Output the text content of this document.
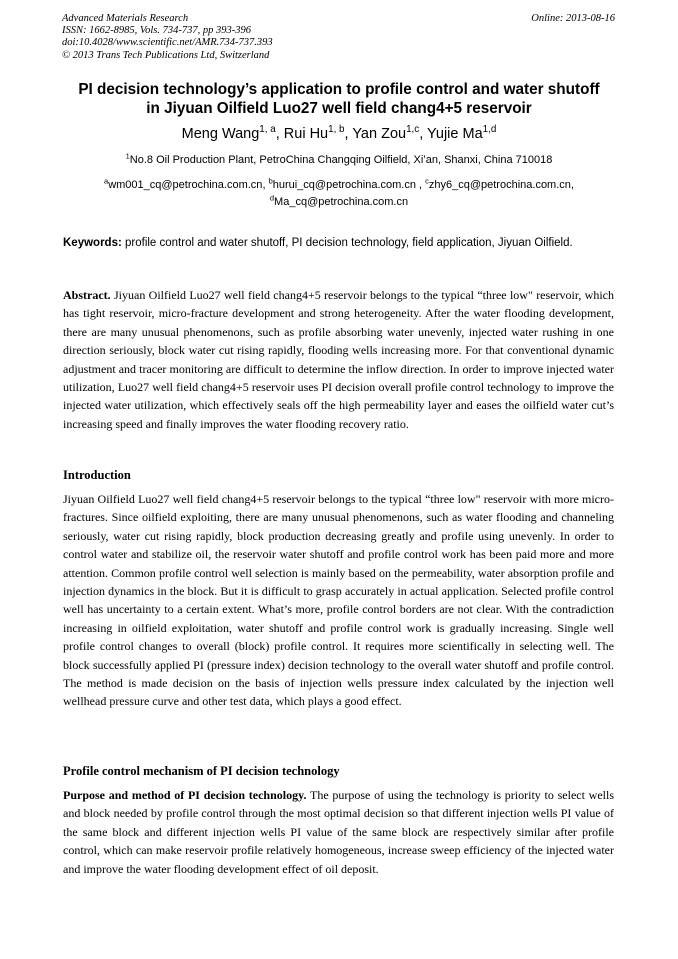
Advanced Materials Research
ISSN: 1662-8985, Vols. 734-737, pp 393-396
doi:10.4028/www.scientific.net/AMR.734-737.393
© 2013 Trans Tech Publications Ltd, Switzerland
Online: 2013-08-16
PI decision technology’s application to profile control and water shutoff
in Jiyuan Oilfield Luo27 well field chang4+5 reservoir
Meng Wang$^{1, a}$, Rui Hu$^{1, b}$, Yan Zou$^{1,c}$, Yujie Ma$^{1,d}$
$^1$No.8 Oil Production Plant, PetroChina Changqing Oilfield, Xi’an, Shanxi, China 710018
$^a$wm001_cq@petrochina.com.cn, $^b$hurui_cq@petrochina.com.cn , $^c$zhy6_cq@petrochina.com.cn,
$^d$Ma_cq@petrochina.com.cn
Keywords: profile control and water shutoff, PI decision technology, field application, Jiyuan Oilfield.
Abstract. Jiyuan Oilfield Luo27 well field chang4+5 reservoir belongs to the typical “three low" reservoir, which has tight reservoir, micro-fracture development and strong heterogeneity. After the water flooding development, there are many unusual phenomenons, such as profile absorbing water unevenly, injected water rushing in one direction seriously, block water cut rising rapidly, flooding wells increasing more. For that conventional dynamic adjustment and tracer monitoring are difficult to determine the inflow direction. In order to improve injected water utilization, Luo27 well field chang4+5 reservoir uses PI decision overall profile control technology to improve the injected water utilization, which effectively seals off the high permeability layer and eases the oilfield water cut’s increasing speed and finally improves the water flooding recovery ratio.
Introduction
Jiyuan Oilfield Luo27 well field chang4+5 reservoir belongs to the typical “three low" reservoir with more micro-fractures. Since oilfield exploiting, there are many unusual phenomenons, such as water flooding and channeling seriously, water cut rising rapidly, block production decreasing greatly and profile using unevenly. In order to control water and stabilize oil, the reservoir water shutoff and profile control work has been paid more and more attention. Common profile control well selection is mainly based on the permeability, water absorption profile and injection dynamics in the block. But it is difficult to grasp accurately in actual application. Selected profile control well has uncertainty to a certain extent. What’s more, profile control borders are not clear. With the contradiction increasing in oilfield exploitation, water shutoff and profile control work is gradually increasing. Single well profile control changes to overall (block) profile control. It requires more scientifically in selecting well. The block successfully applied PI (pressure index) decision technology to the overall water shutoff and profile control. The method is made decision on the basis of injection wells pressure index calculated by the injection well wellhead pressure curve and other test data, which plays a good effect.
Profile control mechanism of PI decision technology
Purpose and method of PI decision technology. The purpose of using the technology is priority to select wells and block needed by profile control through the most optimal decision so that different injection wells PI value of the same block and different injection wells PI value of the same block are respectively similar after profile control, which can make reservoir profile relatively homogeneous, increase sweep efficiency of the injected water and improve the water flooding development effect of oil deposit.
